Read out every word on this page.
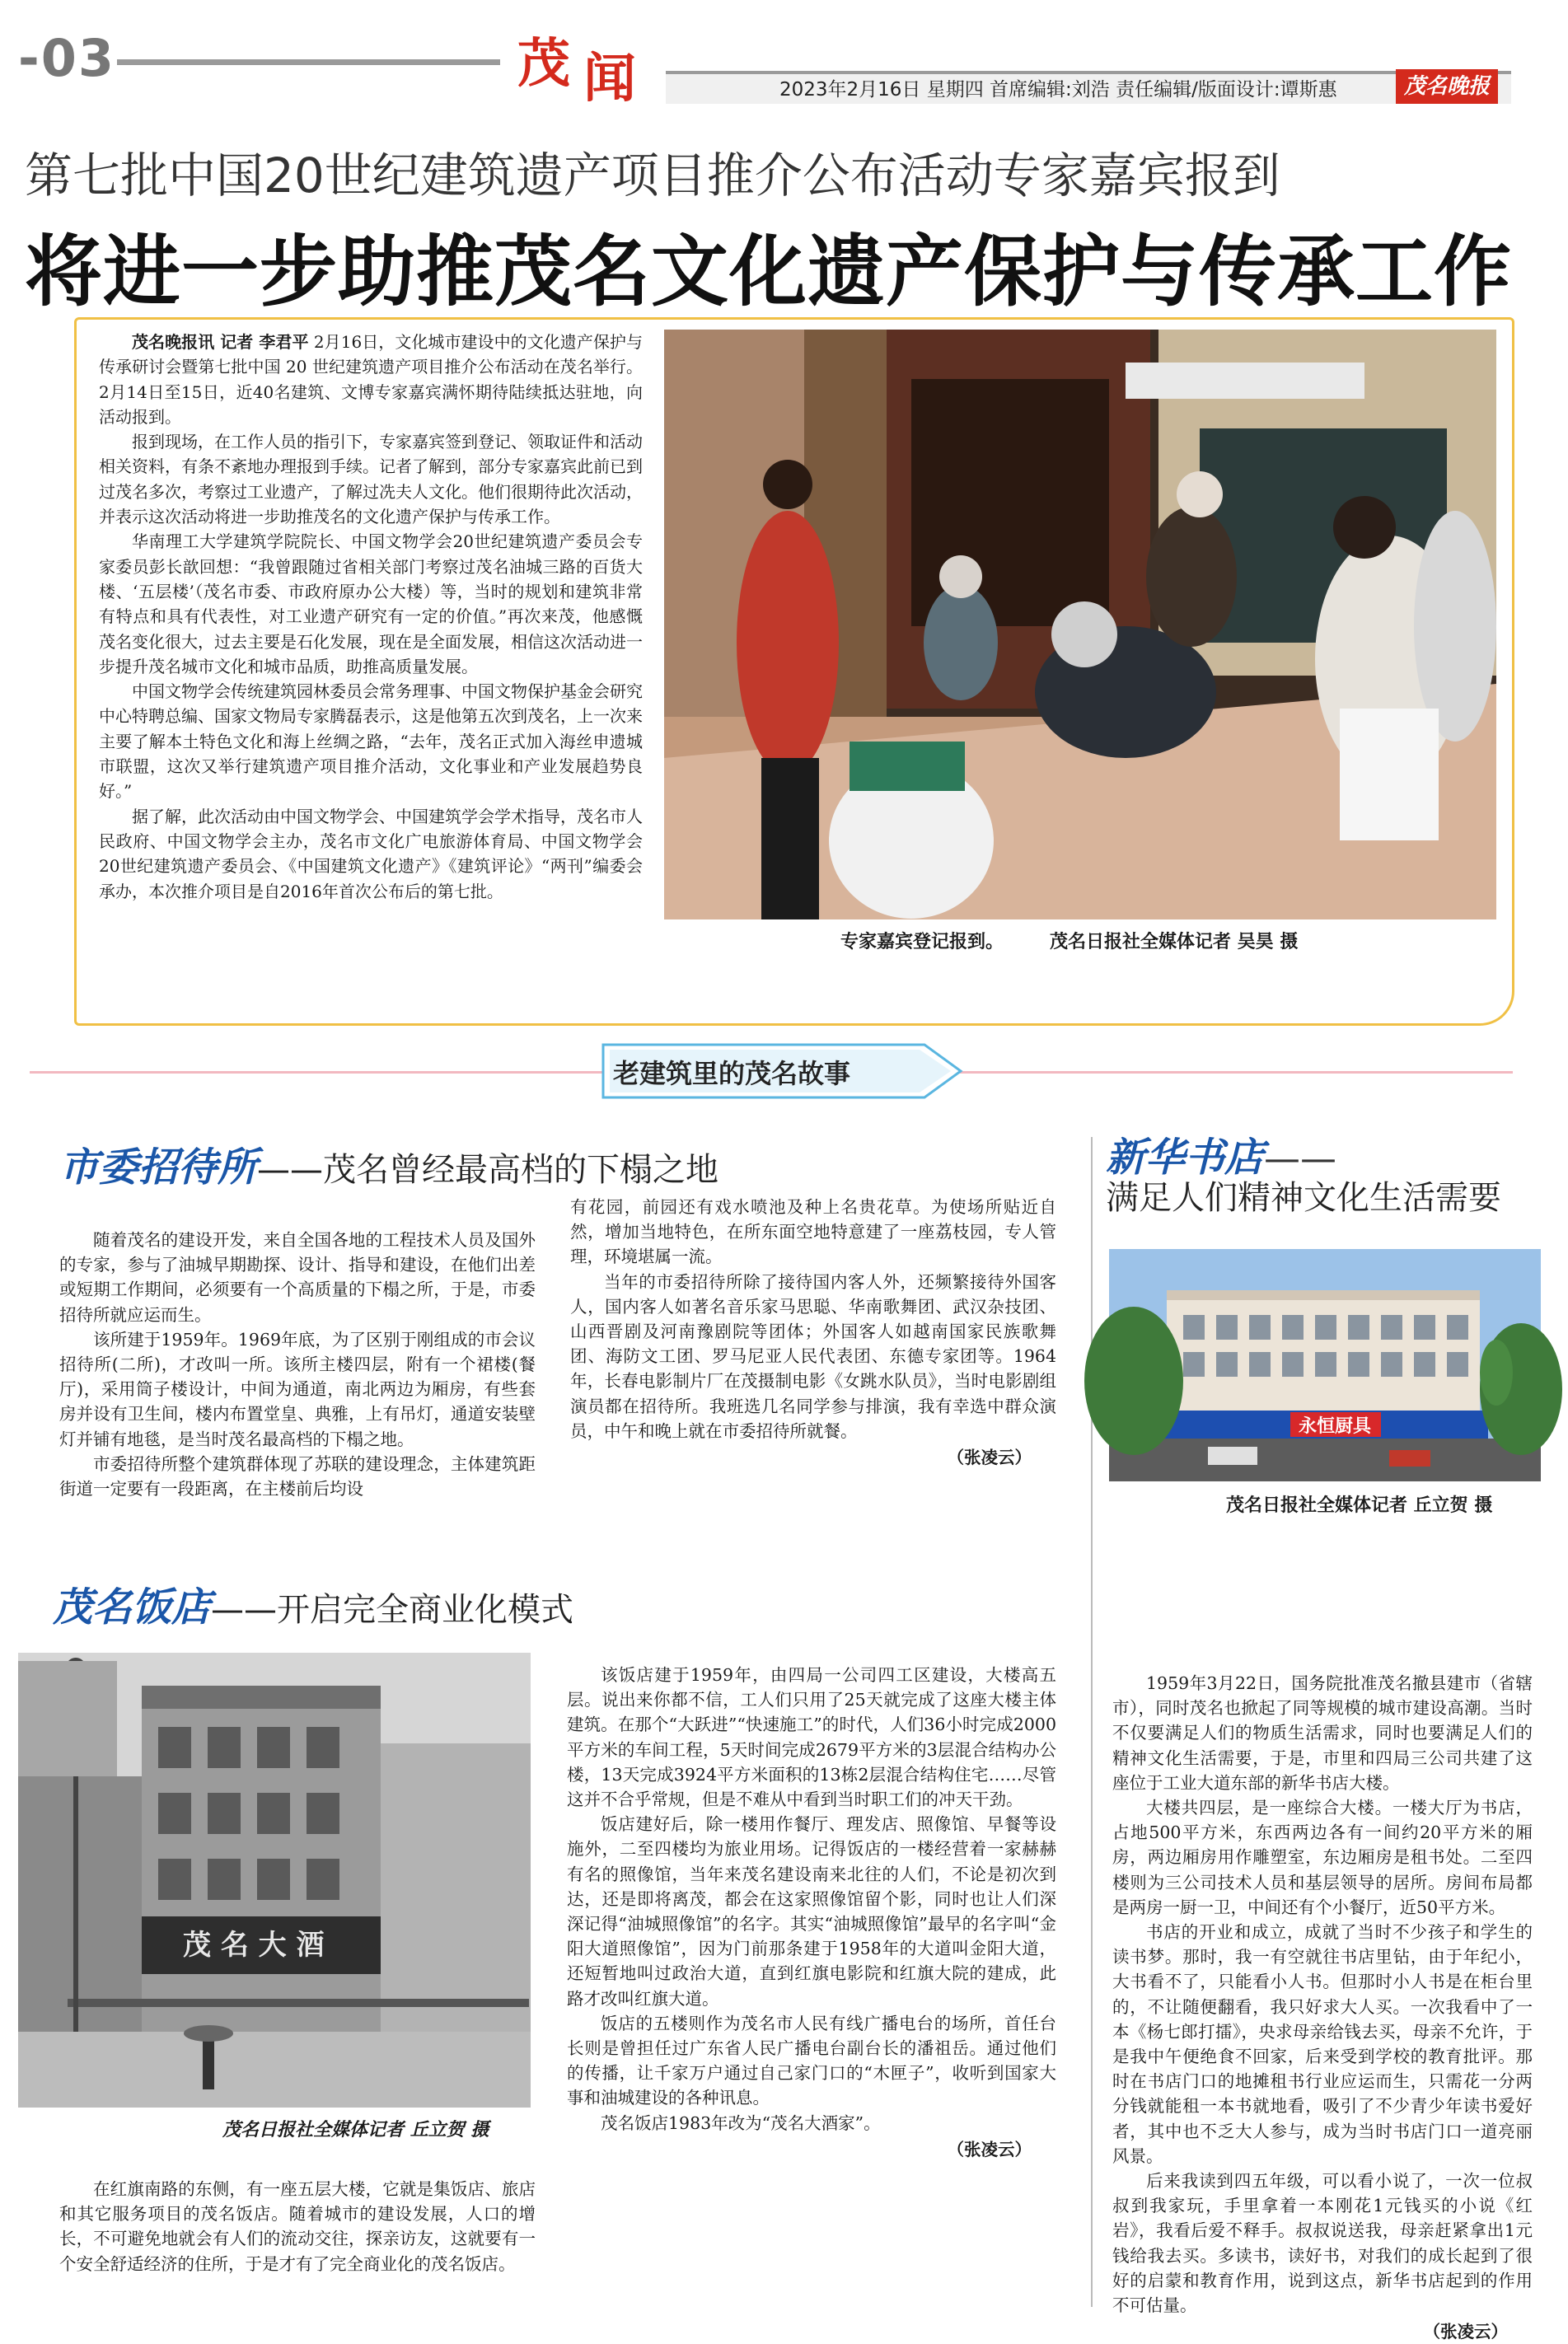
-03	茂 闻	2023年2月16日 星期四 首席编辑:刘浩 责任编辑/版面设计:谭斯惠	茂名晚报
第七批中国20世纪建筑遗产项目推介公布活动专家嘉宾报到
将进一步助推茂名文化遗产保护与传承工作

茂名晚报讯 记者 李君平 2月16日，文化城市建设中的文化遗产保护与传承研讨会暨第七批中国 20 世纪建筑遗产项目推介公布活动在茂名举行。2月14日至15日，近40名建筑、文博专家嘉宾满怀期待陆续抵达驻地，向活动报到。

报到现场，在工作人员的指引下，专家嘉宾签到登记、领取证件和活动相关资料，有条不紊地办理报到手续。记者了解到，部分专家嘉宾此前已到过茂名多次，考察过工业遗产，了解过冼夫人文化。他们很期待此次活动，并表示这次活动将进一步助推茂名的文化遗产保护与传承工作。

华南理工大学建筑学院院长、中国文物学会20世纪建筑遗产委员会专家委员彭长歆回想：“我曾跟随过省相关部门考察过茂名油城三路的百货大楼、‘五层楼’（茂名市委、市政府原办公大楼）等，当时的规划和建筑非常有特点和具有代表性，对工业遗产研究有一定的价值。”再次来茂，他感慨茂名变化很大，过去主要是石化发展，现在是全面发展，相信这次活动进一步提升茂名城市文化和城市品质，助推高质量发展。

中国文物学会传统建筑园林委员会常务理事、中国文物保护基金会研究中心特聘总编、国家文物局专家腾磊表示，这是他第五次到茂名，上一次来主要了解本土特色文化和海上丝绸之路，“去年，茂名正式加入海丝申遗城市联盟，这次又举行建筑遗产项目推介活动，文化事业和产业发展趋势良好。”

据了解，此次活动由中国文物学会、中国建筑学会学术指导，茂名市人民政府、中国文物学会主办，茂名市文化广电旅游体育局、中国文物学会20世纪建筑遗产委员会、《中国建筑文化遗产》《建筑评论》“两刊”编委会承办，本次推介项目是自2016年首次公布后的第七批。

专家嘉宾登记报到。	茂名日报社全媒体记者 吴昊 摄
老建筑里的茂名故事
市委招待所——茂名曾经最高档的下榻之地

随着茂名的建设开发，来自全国各地的工程技术人员及国外的专家，参与了油城早期勘探、设计、指导和建设，在他们出差或短期工作期间，必须要有一个高质量的下榻之所，于是，市委招待所就应运而生。

该所建于1959年。1969年底，为了区别于刚组成的市会议招待所(二所)，才改叫一所。该所主楼四层，附有一个裙楼(餐厅)，采用筒子楼设计，中间为通道，南北两边为厢房，有些套房并设有卫生间，楼内布置堂皇、典雅，上有吊灯，通道安装壁灯并铺有地毯，是当时茂名最高档的下榻之地。

市委招待所整个建筑群体现了苏联的建设理念，主体建筑距街道一定要有一段距离，在主楼前后均设

有花园，前园还有戏水喷池及种上名贵花草。为使场所贴近自然，增加当地特色，在所东面空地特意建了一座荔枝园，专人管理，环境堪属一流。

当年的市委招待所除了接待国内客人外，还频繁接待外国客人，国内客人如著名音乐家马思聪、华南歌舞团、武汉杂技团、山西晋剧及河南豫剧院等团体；外国客人如越南国家民族歌舞团、海防文工团、罗马尼亚人民代表团、东德专家团等。1964年，长春电影制片厂在茂摄制电影《女跳水队员》，当时电影剧组演员都在招待所。我班选几名同学参与排演，我有幸选中群众演员，中午和晚上就在市委招待所就餐。

（张凌云）
茂名饭店——开启完全商业化模式
茂 名 大 酒
茂名日报社全媒体记者 丘立贺 摄

该饭店建于1959年，由四局一公司四工区建设，大楼高五层。说出来你都不信，工人们只用了25天就完成了这座大楼主体建筑。在那个“大跃进”“快速施工”的时代，人们36小时完成2000平方米的车间工程，5天时间完成2679平方米的3层混合结构办公楼，13天完成3924平方米面积的13栋2层混合结构住宅……尽管这并不合乎常规，但是不难从中看到当时职工们的冲天干劲。

饭店建好后，除一楼用作餐厅、理发店、照像馆、早餐等设施外，二至四楼均为旅业用场。记得饭店的一楼经营着一家赫赫有名的照像馆，当年来茂名建设南来北往的人们，不论是初次到达，还是即将离茂，都会在这家照像馆留个影，同时也让人们深深记得“油城照像馆”的名字。其实“油城照像馆”最早的名字叫“金阳大道照像馆”，因为门前那条建于1958年的大道叫金阳大道，还短暂地叫过政治大道，直到红旗电影院和红旗大院的建成，此路才改叫红旗大道。

饭店的五楼则作为茂名市人民有线广播电台的场所，首任台长则是曾担任过广东省人民广播电台副台长的潘祖岳。通过他们的传播，让千家万户通过自己家门口的“木匣子”，收听到国家大事和油城建设的各种讯息。

茂名饭店1983年改为“茂名大酒家”。

（张凌云）

在红旗南路的东侧，有一座五层大楼，它就是集饭店、旅店和其它服务项目的茂名饭店。随着城市的建设发展，人口的增长，不可避免地就会有人们的流动交往，探亲访友，这就要有一个安全舒适经济的住所，于是才有了完全商业化的茂名饭店。

新华书店——
满足人们精神文化生活需要
永恒厨具
茂名日报社全媒体记者 丘立贺 摄

1959年3月22日，国务院批准茂名撤县建市（省辖市），同时茂名也掀起了同等规模的城市建设高潮。当时不仅要满足人们的物质生活需求，同时也要满足人们的精神文化生活需要，于是，市里和四局三公司共建了这座位于工业大道东部的新华书店大楼。

大楼共四层，是一座综合大楼。一楼大厅为书店，占地500平方米，东西两边各有一间约20平方米的厢房，两边厢房用作雕塑室，东边厢房是租书处。二至四楼则为三公司技术人员和基层领导的居所。房间布局都是两房一厨一卫，中间还有个小餐厅，近50平方米。

书店的开业和成立，成就了当时不少孩子和学生的读书梦。那时，我一有空就往书店里钻，由于年纪小，大书看不了，只能看小人书。但那时小人书是在柜台里的，不让随便翻看，我只好求大人买。一次我看中了一本《杨七郎打擂》，央求母亲给钱去买，母亲不允许，于是我中午便绝食不回家，后来受到学校的教育批评。那时在书店门口的地摊租书行业应运而生，只需花一分两分钱就能租一本书就地看，吸引了不少青少年读书爱好者，其中也不乏大人参与，成为当时书店门口一道亮丽风景。

后来我读到四五年级，可以看小说了，一次一位叔叔到我家玩，手里拿着一本刚花1元钱买的小说《红岩》，我看后爱不释手。叔叔说送我，母亲赶紧拿出1元钱给我去买。多读书，读好书，对我们的成长起到了很好的启蒙和教育作用，说到这点，新华书店起到的作用不可估量。

（张凌云）
